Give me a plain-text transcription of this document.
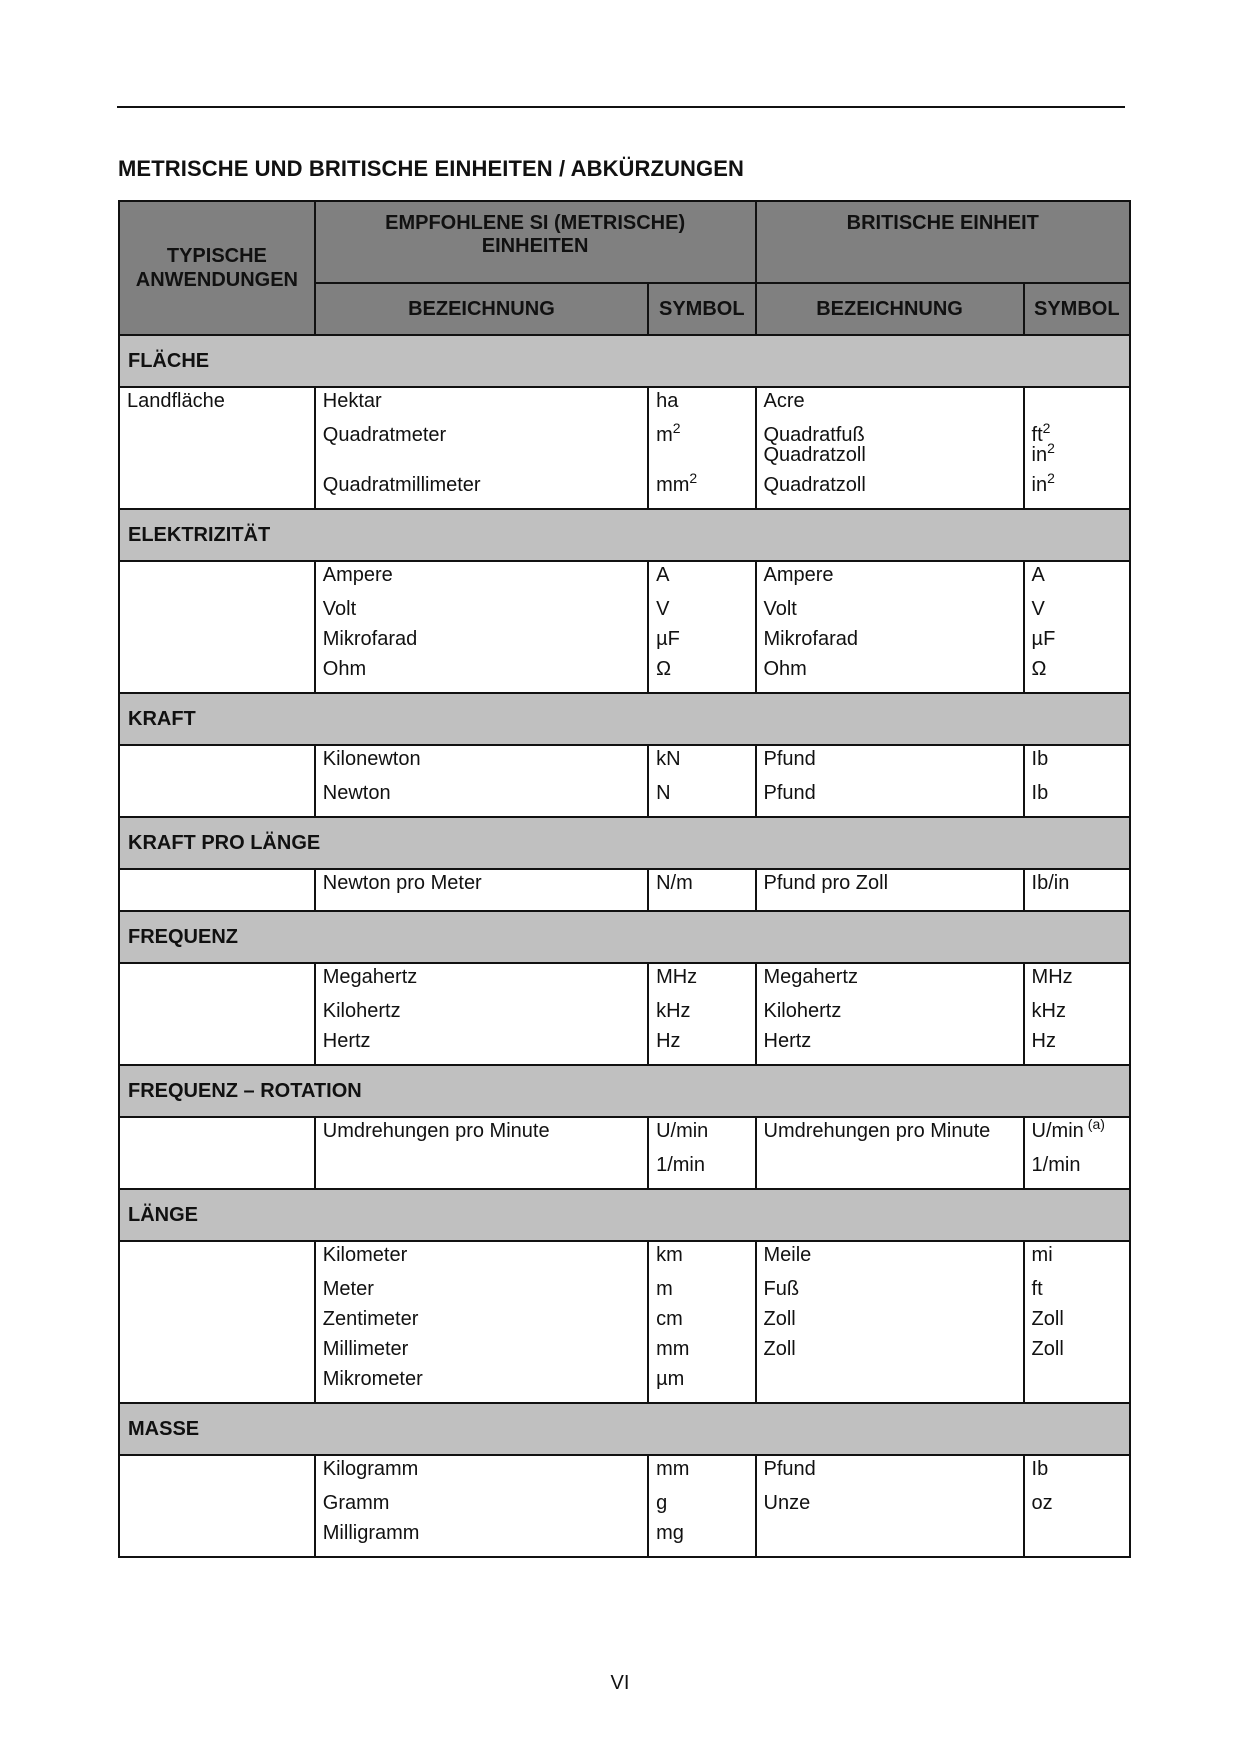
METRISCHE UND BRITISCHE EINHEITEN / ABKÜRZUNGEN
TYPISCHE ANWENDUNGEN	EMPFOHLENE SI (METRISCHE) EINHEITEN		BRITISCHE EINHEIT	
	BEZEICHNUNG	SYMBOL	BEZEICHNUNG	SYMBOL
FLÄCHE				

Landfläche	Hektar	ha	Acre	

	Quadratmeter	$m^2$	Quadratfuß	$ft^2$

			Quadratzoll	$in^2$

	Quadratmillimeter	$mm^2$	Quadratzoll	$in^2$

ELEKTRIZITÄT				

	Ampere	A	Ampere	A

	Volt	V	Volt	V

	Mikrofarad	µF	Mikrofarad	µF

	Ohm	Ω	Ohm	Ω

KRAFT				

	Kilonewton	kN	Pfund	Ib

	Newton	N	Pfund	Ib

KRAFT PRO LÄNGE				

	Newton pro Meter	N/m	Pfund pro Zoll	Ib/in

FREQUENZ				

	Megahertz	MHz	Megahertz	MHz

	Kilohertz	kHz	Kilohertz	kHz

	Hertz	Hz	Hertz	Hz

FREQUENZ – ROTATION				

	Umdrehungen pro Minute	U/min	Umdrehungen pro Minute	U/min $^{(a)}$

		1/min		1/min

LÄNGE				

	Kilometer	km	Meile	mi

	Meter	m	Fuß	ft

	Zentimeter	cm	Zoll	Zoll

	Millimeter	mm	Zoll	Zoll

	Mikrometer	µm		

MASSE				

	Kilogramm	mm	Pfund	Ib

	Gramm	g	Unze	oz

	Milligramm	mg		

VI
